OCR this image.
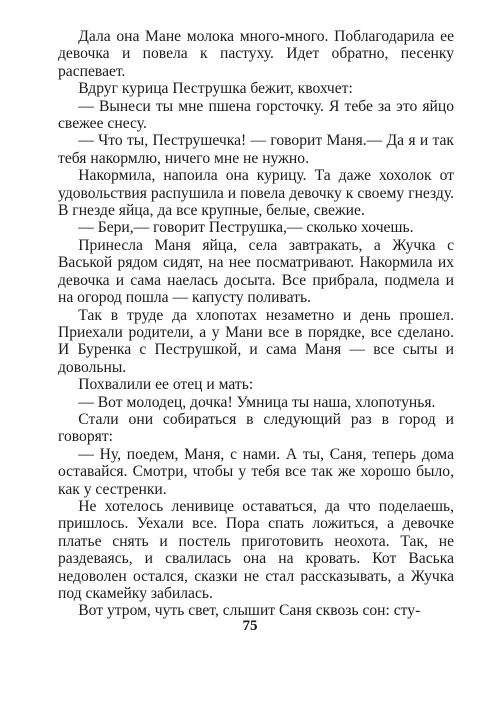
Дала она Мане молока много-много. Поблагодарила ее девочка и повела к пастуху. Идет обратно, песенку распевает.

Вдруг курица Пеструшка бежит, квохчет:

— Вынеси ты мне пшена горсточку. Я тебе за это яйцо свежее снесу.

— Что ты, Пеструшечка! — говорит Маня.— Да я и так тебя накормлю, ничего мне не нужно.

Накормила, напоила она курицу. Та даже хохолок от удовольствия распушила и повела девочку к своему гнезду. В гнезде яйца, да все крупные, белые, свежие.

— Бери,— говорит Пеструшка,— сколько хочешь.

Принесла Маня яйца, села завтракать, а Жучка с Васькой рядом сидят, на нее посматривают. Накормила их девочка и сама наелась досыта. Все прибрала, подмела и на огород пошла — капусту поливать.

Так в труде да хлопотах незаметно и день прошел. Приехали родители, а у Мани все в порядке, все сделано. И Буренка с Пеструшкой, и сама Маня — все сыты и довольны.

Похвалили ее отец и мать:

— Вот молодец, дочка! Умница ты наша, хлопотунья.

Стали они собираться в следующий раз в город и говорят:

— Ну, поедем, Маня, с нами. А ты, Саня, теперь дома оставайся. Смотри, чтобы у тебя все так же хорошо было, как у сестренки.

Не хотелось ленивице оставаться, да что поделаешь, пришлось. Уехали все. Пора спать ложиться, а девочке платье снять и постель приготовить неохота. Так, не раздеваясь, и свалилась она на кровать. Кот Васька недоволен остался, сказки не стал рассказывать, а Жучка под скамейку забилась.

Вот утром, чуть свет, слышит Саня сквозь сон: сту-

75
